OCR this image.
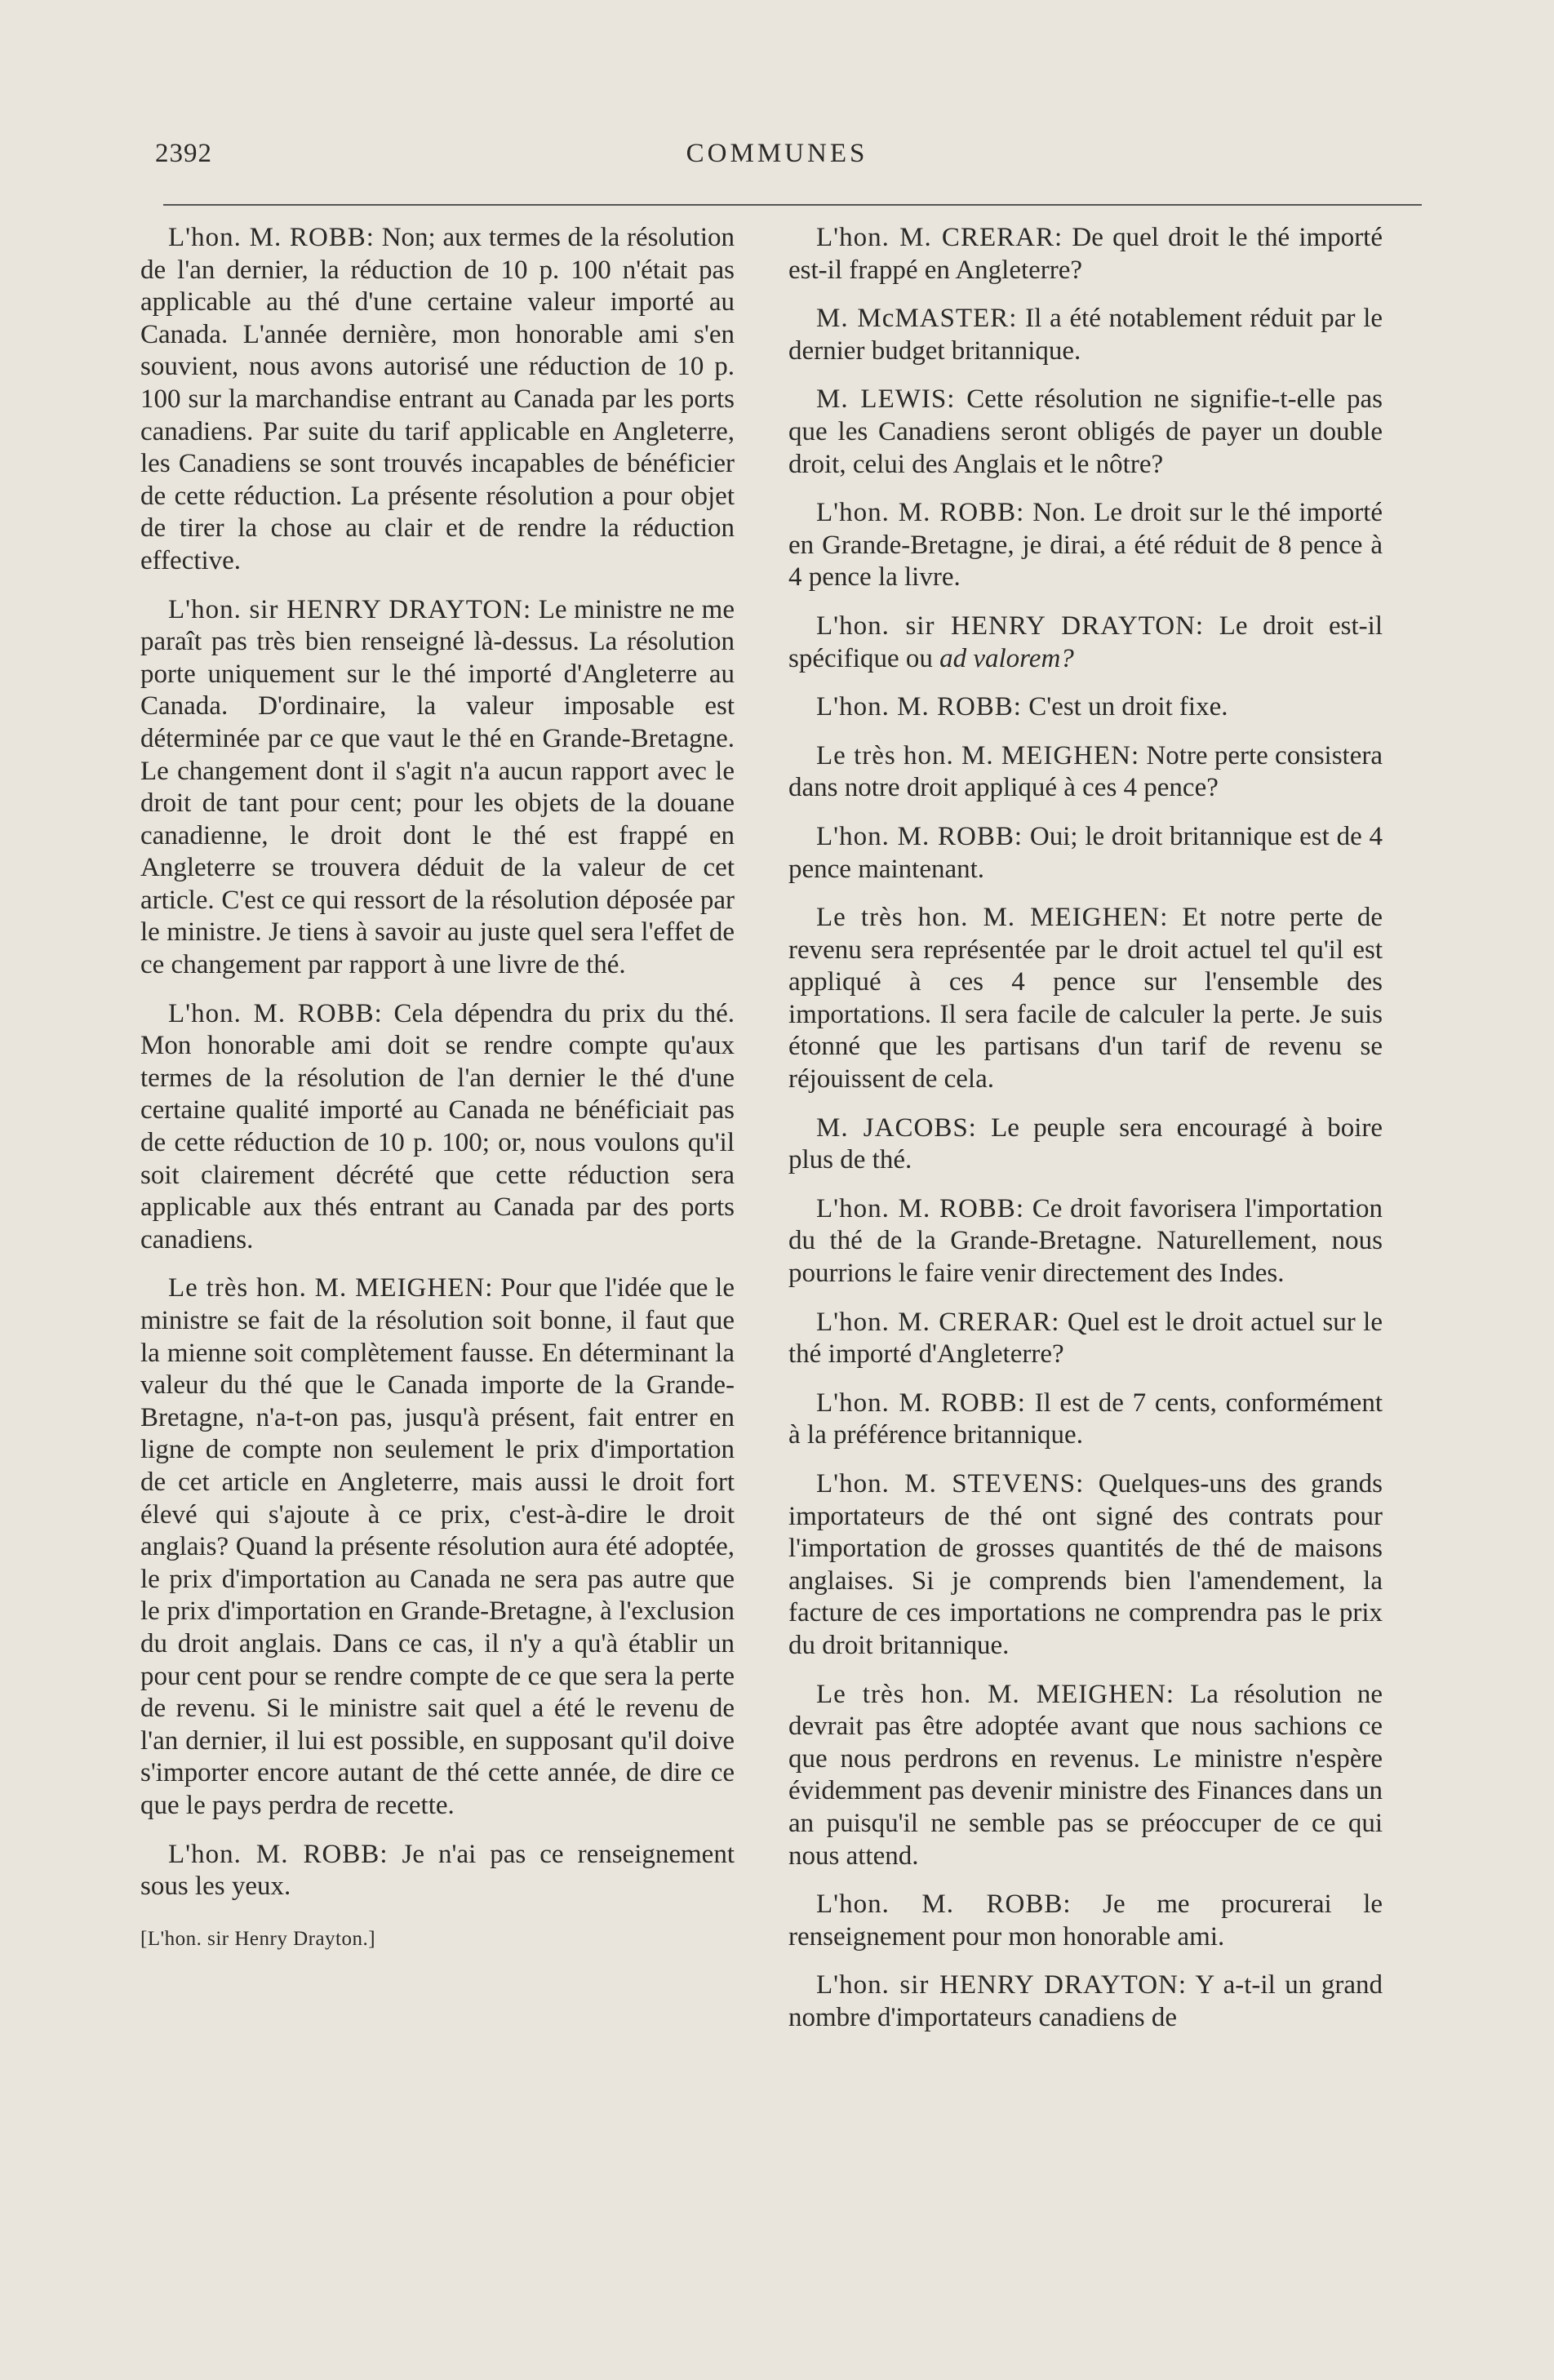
2392	COMMUNES

L'hon. M. ROBB: Non; aux termes de la résolution de l'an dernier, la réduction de 10 p. 100 n'était pas applicable au thé d'une certaine valeur importé au Canada. L'année dernière, mon honorable ami s'en souvient, nous avons autorisé une réduction de 10 p. 100 sur la marchandise entrant au Canada par les ports canadiens. Par suite du tarif applicable en Angleterre, les Canadiens se sont trouvés incapables de bénéficier de cette réduction. La présente résolution a pour objet de tirer la chose au clair et de rendre la réduction effective.

L'hon. sir HENRY DRAYTON: Le ministre ne me paraît pas très bien renseigné là-dessus. La résolution porte uniquement sur le thé importé d'Angleterre au Canada. D'ordinaire, la valeur imposable est déterminée par ce que vaut le thé en Grande-Bretagne. Le changement dont il s'agit n'a aucun rapport avec le droit de tant pour cent; pour les objets de la douane canadienne, le droit dont le thé est frappé en Angleterre se trouvera déduit de la valeur de cet article. C'est ce qui ressort de la résolution déposée par le ministre. Je tiens à savoir au juste quel sera l'effet de ce changement par rapport à une livre de thé.

L'hon. M. ROBB: Cela dépendra du prix du thé. Mon honorable ami doit se rendre compte qu'aux termes de la résolution de l'an dernier le thé d'une certaine qualité importé au Canada ne bénéficiait pas de cette réduction de 10 p. 100; or, nous voulons qu'il soit clairement décrété que cette réduction sera applicable aux thés entrant au Canada par des ports canadiens.

Le très hon. M. MEIGHEN: Pour que l'idée que le ministre se fait de la résolution soit bonne, il faut que la mienne soit complètement fausse. En déterminant la valeur du thé que le Canada importe de la Grande-Bretagne, n'a-t-on pas, jusqu'à présent, fait entrer en ligne de compte non seulement le prix d'importation de cet article en Angleterre, mais aussi le droit fort élevé qui s'ajoute à ce prix, c'est-à-dire le droit anglais? Quand la présente résolution aura été adoptée, le prix d'importation au Canada ne sera pas autre que le prix d'importation en Grande-Bretagne, à l'exclusion du droit anglais. Dans ce cas, il n'y a qu'à établir un pour cent pour se rendre compte de ce que sera la perte de revenu. Si le ministre sait quel a été le revenu de l'an dernier, il lui est possible, en supposant qu'il doive s'importer encore autant de thé cette année, de dire ce que le pays perdra de recette.

L'hon. M. ROBB: Je n'ai pas ce renseignement sous les yeux.

[L'hon. sir Henry Drayton.]

L'hon. M. CRERAR: De quel droit le thé importé est-il frappé en Angleterre?

M. McMASTER: Il a été notablement réduit par le dernier budget britannique.

M. LEWIS: Cette résolution ne signifie-t-elle pas que les Canadiens seront obligés de payer un double droit, celui des Anglais et le nôtre?

L'hon. M. ROBB: Non. Le droit sur le thé importé en Grande-Bretagne, je dirai, a été réduit de 8 pence à 4 pence la livre.

L'hon. sir HENRY DRAYTON: Le droit est-il spécifique ou ad valorem?

L'hon. M. ROBB: C'est un droit fixe.

Le très hon. M. MEIGHEN: Notre perte consistera dans notre droit appliqué à ces 4 pence?

L'hon. M. ROBB: Oui; le droit britannique est de 4 pence maintenant.

Le très hon. M. MEIGHEN: Et notre perte de revenu sera représentée par le droit actuel tel qu'il est appliqué à ces 4 pence sur l'ensemble des importations. Il sera facile de calculer la perte. Je suis étonné que les partisans d'un tarif de revenu se réjouissent de cela.

M. JACOBS: Le peuple sera encouragé à boire plus de thé.

L'hon. M. ROBB: Ce droit favorisera l'importation du thé de la Grande-Bretagne. Naturellement, nous pourrions le faire venir directement des Indes.

L'hon. M. CRERAR: Quel est le droit actuel sur le thé importé d'Angleterre?

L'hon. M. ROBB: Il est de 7 cents, conformément à la préférence britannique.

L'hon. M. STEVENS: Quelques-uns des grands importateurs de thé ont signé des contrats pour l'importation de grosses quantités de thé de maisons anglaises. Si je comprends bien l'amendement, la facture de ces importations ne comprendra pas le prix du droit britannique.

Le très hon. M. MEIGHEN: La résolution ne devrait pas être adoptée avant que nous sachions ce que nous perdrons en revenus. Le ministre n'espère évidemment pas devenir ministre des Finances dans un an puisqu'il ne semble pas se préoccuper de ce qui nous attend.

L'hon. M. ROBB: Je me procurerai le renseignement pour mon honorable ami.

L'hon. sir HENRY DRAYTON: Y a-t-il un grand nombre d'importateurs canadiens de
